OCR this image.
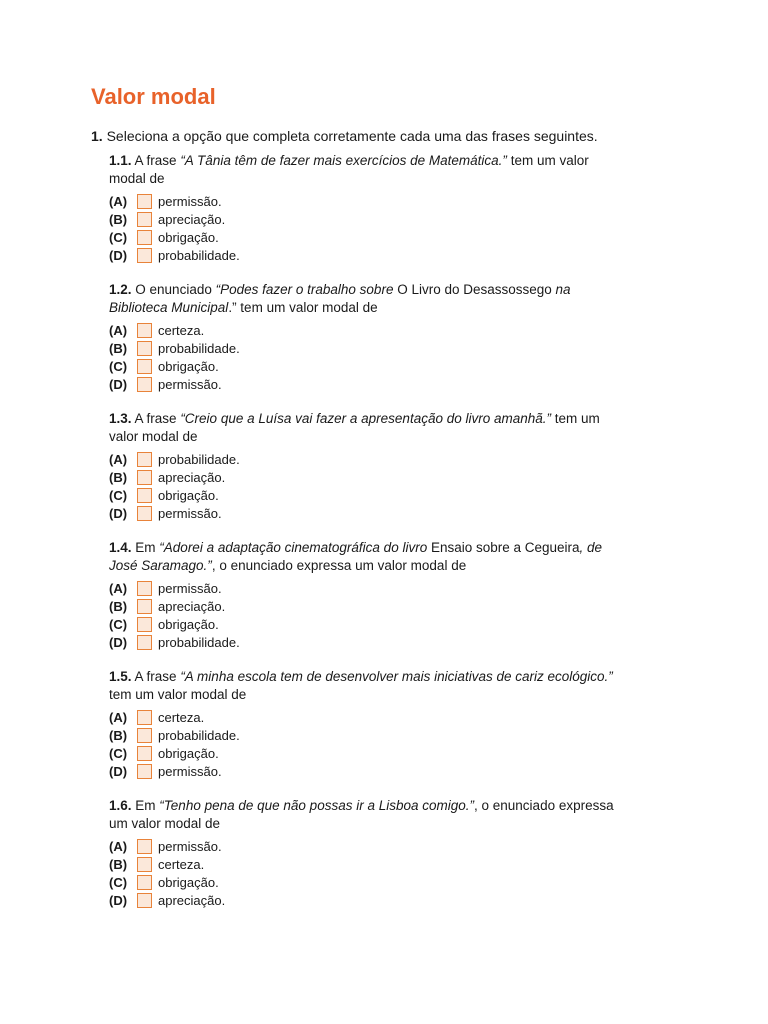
Valor modal
1. Seleciona a opção que completa corretamente cada uma das frases seguintes.

1.1. A frase “A Tânia têm de fazer mais exercícios de Matemática.” tem um valor modal de

(A)	permissão.
(B)	apreciação.
(C)	obrigação.
(D)	probabilidade.

1.2. O enunciado “Podes fazer o trabalho sobre O Livro do Desassossego na Biblioteca Municipal.” tem um valor modal de

(A)	certeza.
(B)	probabilidade.
(C)	obrigação.
(D)	permissão.

1.3. A frase “Creio que a Luísa vai fazer a apresentação do livro amanhã.” tem um valor modal de

(A)	probabilidade.
(B)	apreciação.
(C)	obrigação.
(D)	permissão.

1.4. Em “Adorei a adaptação cinematográfica do livro Ensaio sobre a Cegueira, de José Saramago.”, o enunciado expressa um valor modal de

(A)	permissão.
(B)	apreciação.
(C)	obrigação.
(D)	probabilidade.

1.5. A frase “A minha escola tem de desenvolver mais iniciativas de cariz ecológico.” tem um valor modal de

(A)	certeza.
(B)	probabilidade.
(C)	obrigação.
(D)	permissão.

1.6. Em “Tenho pena de que não possas ir a Lisboa comigo.”, o enunciado expressa um valor modal de

(A)	permissão.
(B)	certeza.
(C)	obrigação.
(D)	apreciação.
